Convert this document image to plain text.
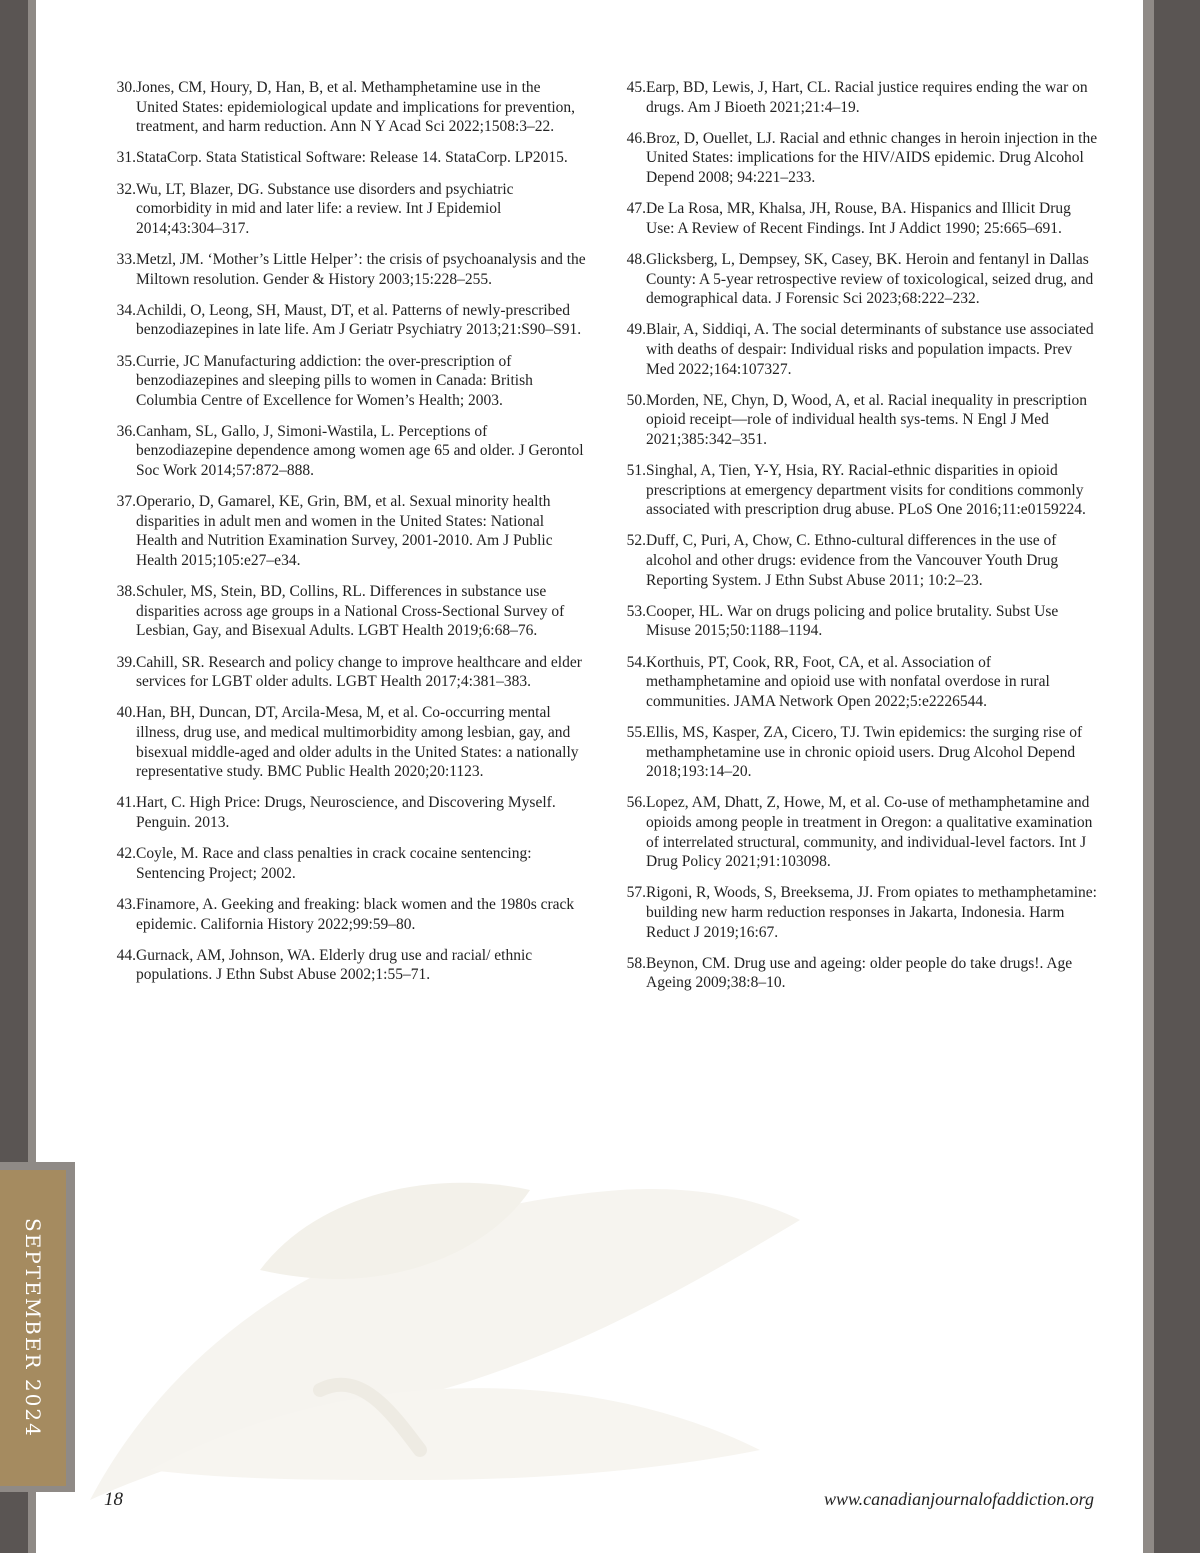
SEPTEMBER 2024
30. Jones, CM, Houry, D, Han, B, et al. Methamphetamine use in the United States: epidemiological update and implications for prevention, treatment, and harm reduction. Ann N Y Acad Sci 2022;1508:3–22.
31. StataCorp. Stata Statistical Software: Release 14. StataCorp. LP2015.
32. Wu, LT, Blazer, DG. Substance use disorders and psychiatric comorbidity in mid and later life: a review. Int J Epidemiol 2014;43:304–317.
33. Metzl, JM. ‘Mother’s Little Helper’: the crisis of psychoanalysis and the Miltown resolution. Gender & History 2003;15:228–255.
34. Achildi, O, Leong, SH, Maust, DT, et al. Patterns of newly-prescribed benzodiazepines in late life. Am J Geriatr Psychiatry 2013;21:S90–S91.
35. Currie, JC Manufacturing addiction: the over-prescription of benzodiazepines and sleeping pills to women in Canada: British Columbia Centre of Excellence for Women’s Health; 2003.
36. Canham, SL, Gallo, J, Simoni-Wastila, L. Perceptions of benzodiazepine dependence among women age 65 and older. J Gerontol Soc Work 2014;57:872–888.
37. Operario, D, Gamarel, KE, Grin, BM, et al. Sexual minority health disparities in adult men and women in the United States: National Health and Nutrition Examination Survey, 2001-2010. Am J Public Health 2015;105:e27–e34.
38. Schuler, MS, Stein, BD, Collins, RL. Differences in substance use disparities across age groups in a National Cross-Sectional Survey of Lesbian, Gay, and Bisexual Adults. LGBT Health 2019;6:68–76.
39. Cahill, SR. Research and policy change to improve healthcare and elder services for LGBT older adults. LGBT Health 2017;4:381–383.
40. Han, BH, Duncan, DT, Arcila-Mesa, M, et al. Co-occurring mental illness, drug use, and medical multimorbidity among lesbian, gay, and bisexual middle-aged and older adults in the United States: a nationally representative study. BMC Public Health 2020;20:1123.
41. Hart, C. High Price: Drugs, Neuroscience, and Discovering Myself. Penguin. 2013.
42. Coyle, M. Race and class penalties in crack cocaine sentencing: Sentencing Project; 2002.
43. Finamore, A. Geeking and freaking: black women and the 1980s crack epidemic. California History 2022;99:59–80.
44. Gurnack, AM, Johnson, WA. Elderly drug use and racial/ ethnic populations. J Ethn Subst Abuse 2002;1:55–71.
45. Earp, BD, Lewis, J, Hart, CL. Racial justice requires ending the war on drugs. Am J Bioeth 2021;21:4–19.
46. Broz, D, Ouellet, LJ. Racial and ethnic changes in heroin injection in the United States: implications for the HIV/AIDS epidemic. Drug Alcohol Depend 2008; 94:221–233.
47. De La Rosa, MR, Khalsa, JH, Rouse, BA. Hispanics and Illicit Drug Use: A Review of Recent Findings. Int J Addict 1990; 25:665–691.
48. Glicksberg, L, Dempsey, SK, Casey, BK. Heroin and fentanyl in Dallas County: A 5-year retrospective review of toxicological, seized drug, and demographical data. J Forensic Sci 2023;68:222–232.
49. Blair, A, Siddiqi, A. The social determinants of substance use associated with deaths of despair: Individual risks and population impacts. Prev Med 2022;164:107327.
50. Morden, NE, Chyn, D, Wood, A, et al. Racial inequality in prescription opioid receipt—role of individual health sys-tems. N Engl J Med 2021;385:342–351.
51. Singhal, A, Tien, Y-Y, Hsia, RY. Racial-ethnic disparities in opioid prescriptions at emergency department visits for conditions commonly associated with prescription drug abuse. PLoS One 2016;11:e0159224.
52. Duff, C, Puri, A, Chow, C. Ethno-cultural differences in the use of alcohol and other drugs: evidence from the Vancouver Youth Drug Reporting System. J Ethn Subst Abuse 2011; 10:2–23.
53. Cooper, HL. War on drugs policing and police brutality. Subst Use Misuse 2015;50:1188–1194.
54. Korthuis, PT, Cook, RR, Foot, CA, et al. Association of methamphetamine and opioid use with nonfatal overdose in rural communities. JAMA Network Open 2022;5:e2226544.
55. Ellis, MS, Kasper, ZA, Cicero, TJ. Twin epidemics: the surging rise of methamphetamine use in chronic opioid users. Drug Alcohol Depend 2018;193:14–20.
56. Lopez, AM, Dhatt, Z, Howe, M, et al. Co-use of methamphetamine and opioids among people in treatment in Oregon: a qualitative examination of interrelated structural, community, and individual-level factors. Int J Drug Policy 2021;91:103098.
57. Rigoni, R, Woods, S, Breeksema, JJ. From opiates to methamphetamine: building new harm reduction responses in Jakarta, Indonesia. Harm Reduct J 2019;16:67.
58. Beynon, CM. Drug use and ageing: older people do take drugs!. Age Ageing 2009;38:8–10.
18	www.canadianjournalofaddiction.org
